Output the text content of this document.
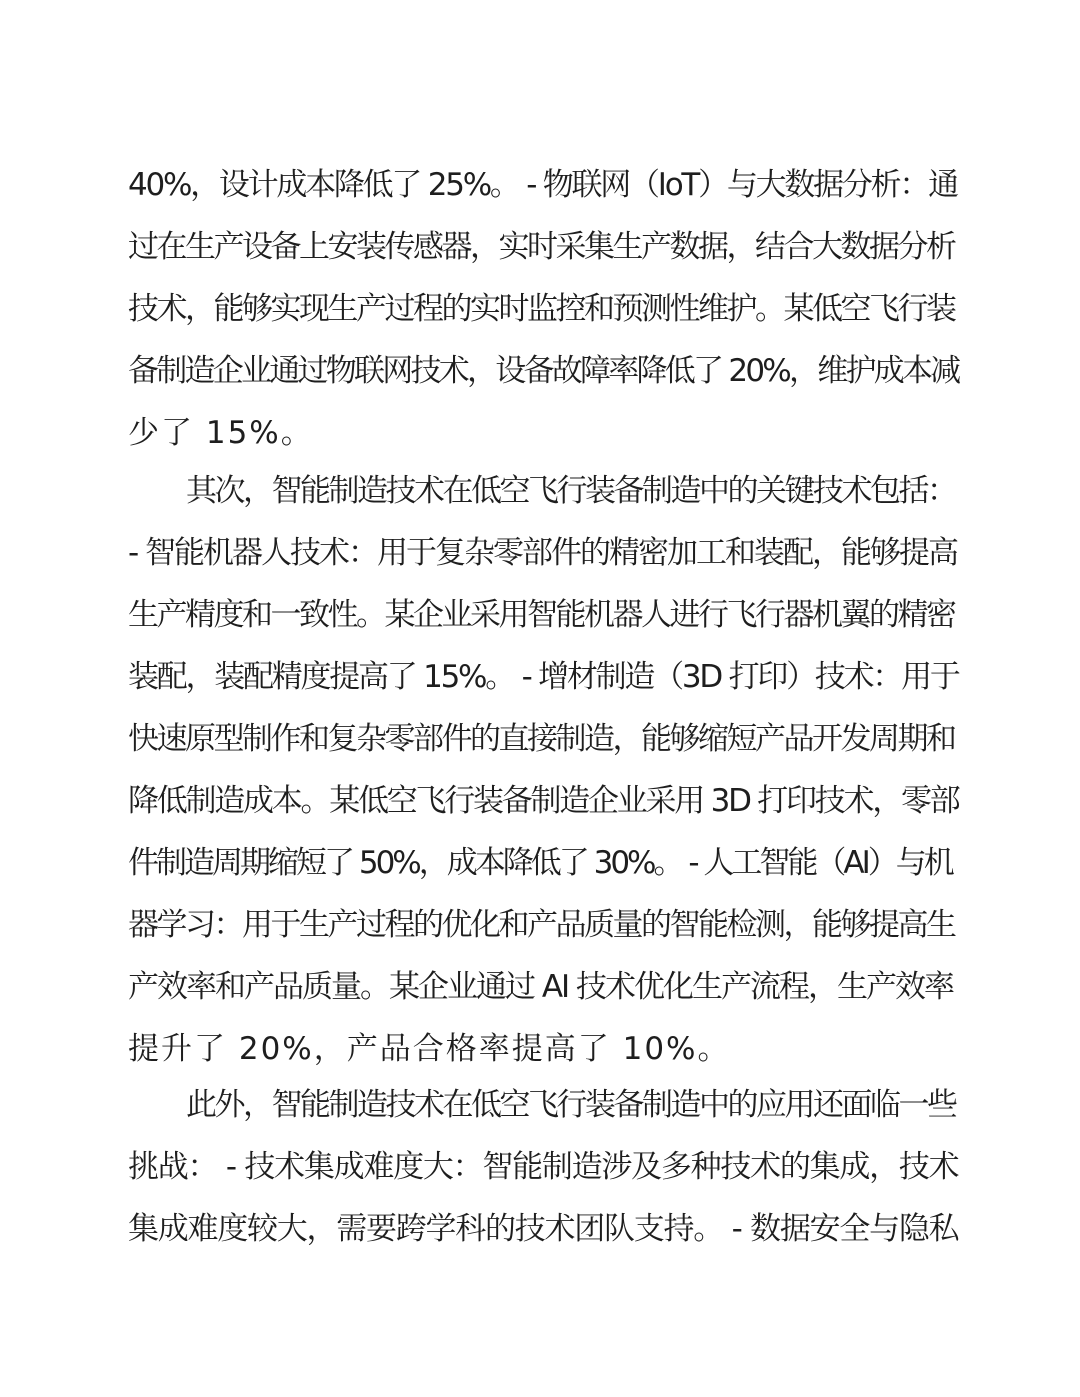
40%，设计成本降低了 25%。 - 物联网（IoT）与大数据分析：通
过在生产设备上安装传感器，实时采集生产数据，结合大数据分析
技术，能够实现生产过程的实时监控和预测性维护。某低空飞行装
备制造企业通过物联网技术，设备故障率降低了 20%，维护成本减
少了 15%。
其次，智能制造技术在低空飞行装备制造中的关键技术包括：
- 智能机器人技术：用于复杂零部件的精密加工和装配，能够提高
生产精度和一致性。某企业采用智能机器人进行飞行器机翼的精密
装配，装配精度提高了 15%。 - 增材制造（3D 打印）技术：用于
快速原型制作和复杂零部件的直接制造，能够缩短产品开发周期和
降低制造成本。某低空飞行装备制造企业采用 3D 打印技术，零部
件制造周期缩短了 50%，成本降低了 30%。 - 人工智能（AI）与机
器学习：用于生产过程的优化和产品质量的智能检测，能够提高生
产效率和产品质量。某企业通过 AI 技术优化生产流程，生产效率
提升了 20%，产品合格率提高了 10%。
此外，智能制造技术在低空飞行装备制造中的应用还面临一些
挑战： - 技术集成难度大：智能制造涉及多种技术的集成，技术
集成难度较大，需要跨学科的技术团队支持。 - 数据安全与隐私
